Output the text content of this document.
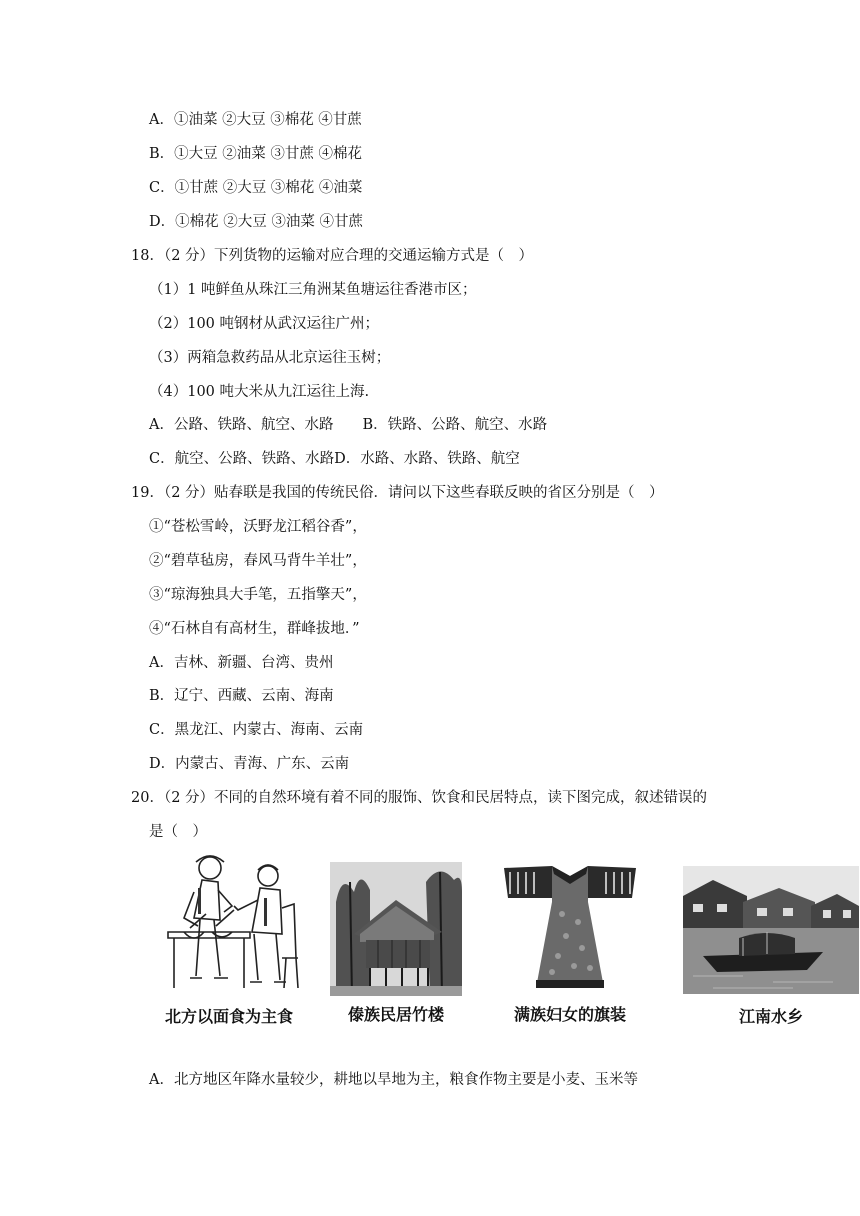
A．①油菜 ②大豆 ③棉花 ④甘蔗
B．①大豆 ②油菜 ③甘蔗 ④棉花
C．①甘蔗 ②大豆 ③棉花 ④油菜
D．①棉花 ②大豆 ③油菜 ④甘蔗
18．（2 分）下列货物的运输对应合理的交通运输方式是（　）
（1）1 吨鲜鱼从珠江三角洲某鱼塘运往香港市区；
（2）100 吨钢材从武汉运往广州；
（3）两箱急救药品从北京运往玉树；
（4）100 吨大米从九江运往上海.
A．公路、铁路、航空、水路　　B．铁路、公路、航空、水路
C．航空、公路、铁路、水路D．水路、水路、铁路、航空
19．（2 分）贴春联是我国的传统民俗．请问以下这些春联反映的省区分别是（　）
①“苍松雪岭，沃野龙江稻谷香”，
②“碧草毡房，春风马背牛羊壮”，
③“琼海独具大手笔，五指擎天”，
④“石林自有高材生，群峰拔地．”
A．吉林、新疆、台湾、贵州
B．辽宁、西藏、云南、海南
C．黑龙江、内蒙古、海南、云南
D．内蒙古、青海、广东、云南
20．（2 分）不同的自然环境有着不同的服饰、饮食和民居特点，读下图完成，叙述错误的
是（　）
北方以面食为主食	傣族民居竹楼	满族妇女的旗装	江南水乡
A．北方地区年降水量较少，耕地以旱地为主，粮食作物主要是小麦、玉米等
